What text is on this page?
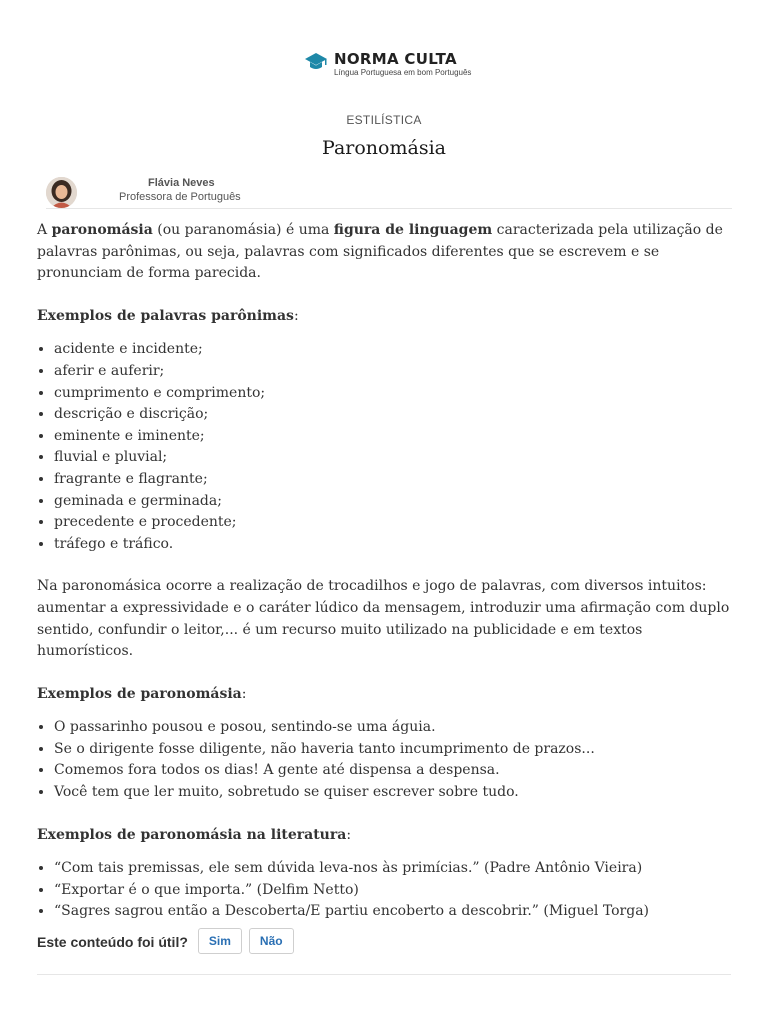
NORMA CULTA
Língua Portuguesa em bom Português
ESTILÍSTICA
Paronomásia
Flávia Neves
Professora de Português

A paronomásia (ou paranomásia) é uma figura de linguagem caracterizada pela utilização de palavras parônimas, ou seja, palavras com significados diferentes que se escrevem e se pronunciam de forma parecida.

Exemplos de palavras parônimas:
• acidente e incidente;
• aferir e auferir;
• cumprimento e comprimento;
• descrição e discrição;
• eminente e iminente;
• fluvial e pluvial;
• fragrante e flagrante;
• geminada e germinada;
• precedente e procedente;
• tráfego e tráfico.

Na paronomásica ocorre a realização de trocadilhos e jogo de palavras, com diversos intuitos: aumentar a expressividade e o caráter lúdico da mensagem, introduzir uma afirmação com duplo sentido, confundir o leitor,... é um recurso muito utilizado na publicidade e em textos humorísticos.

Exemplos de paronomásia:
• O passarinho pousou e posou, sentindo-se uma águia.
• Se o dirigente fosse diligente, não haveria tanto incumprimento de prazos...
• Comemos fora todos os dias! A gente até dispensa a despensa.
• Você tem que ler muito, sobretudo se quiser escrever sobre tudo.
Exemplos de paronomásia na literatura:
• “Com tais premissas, ele sem dúvida leva-nos às primícias.” (Padre Antônio Vieira)
• “Exportar é o que importa.” (Delfim Netto)
• “Sagres sagrou então a Descoberta/E partiu encoberto a descobrir.” (Miguel Torga)
Este conteúdo foi útil?	Sim	Não
